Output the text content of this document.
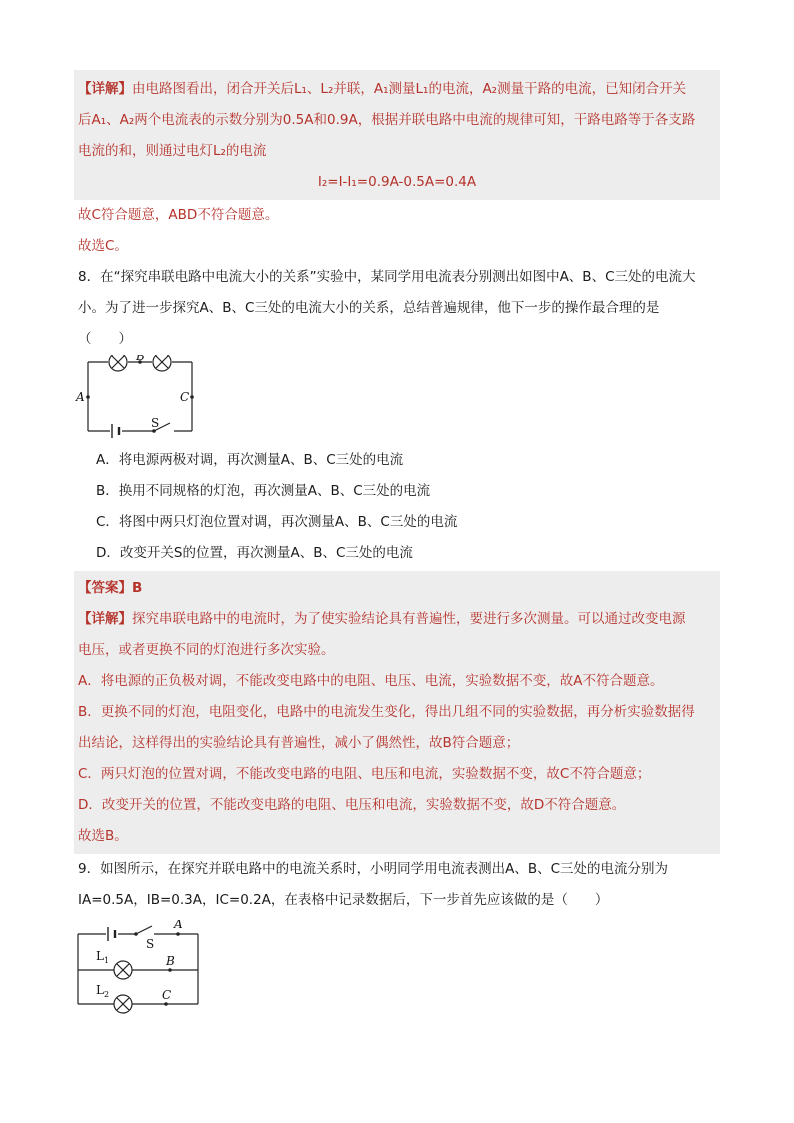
【详解】由电路图看出，闭合开关后L₁、L₂并联，A₁测量L₁的电流，A₂测量干路的电流，已知闭合开关
后A₁、A₂两个电流表的示数分别为0.5A和0.9A，根据并联电路中电流的规律可知，干路电路等于各支路
电流的和，则通过电灯L₂的电流
I₂=I-I₁=0.9A-0.5A=0.4A
故C符合题意，ABD不符合题意。
故选C。
8．在“探究串联电路中电流大小的关系”实验中，某同学用电流表分别测出如图中A、B、C三处的电流大
小。为了进一步探究A、B、C三处的电流大小的关系，总结普遍规律，他下一步的操作最合理的是
（　　）
B
A	C
S
A．将电源两极对调，再次测量A、B、C三处的电流
B．换用不同规格的灯泡，再次测量A、B、C三处的电流
C．将图中两只灯泡位置对调，再次测量A、B、C三处的电流
D．改变开关S的位置，再次测量A、B、C三处的电流
【答案】B
【详解】探究串联电路中的电流时，为了使实验结论具有普遍性，要进行多次测量。可以通过改变电源
电压，或者更换不同的灯泡进行多次实验。
A．将电源的正负极对调，不能改变电路中的电阻、电压、电流，实验数据不变，故A不符合题意。
B．更换不同的灯泡，电阻变化，电路中的电流发生变化，得出几组不同的实验数据，再分析实验数据得
出结论，这样得出的实验结论具有普遍性，减小了偶然性，故B符合题意；
C．两只灯泡的位置对调，不能改变电路的电阻、电压和电流，实验数据不变，故C不符合题意；
D．改变开关的位置，不能改变电路的电阻、电压和电流，实验数据不变，故D不符合题意。
故选B。
9．如图所示，在探究并联电路中的电流关系时，小明同学用电流表测出A、B、C三处的电流分别为
IA=0.5A，IB=0.3A，IC=0.2A，在表格中记录数据后，下一步首先应该做的是（　　）
A
S
B
C
L 1
L 2
